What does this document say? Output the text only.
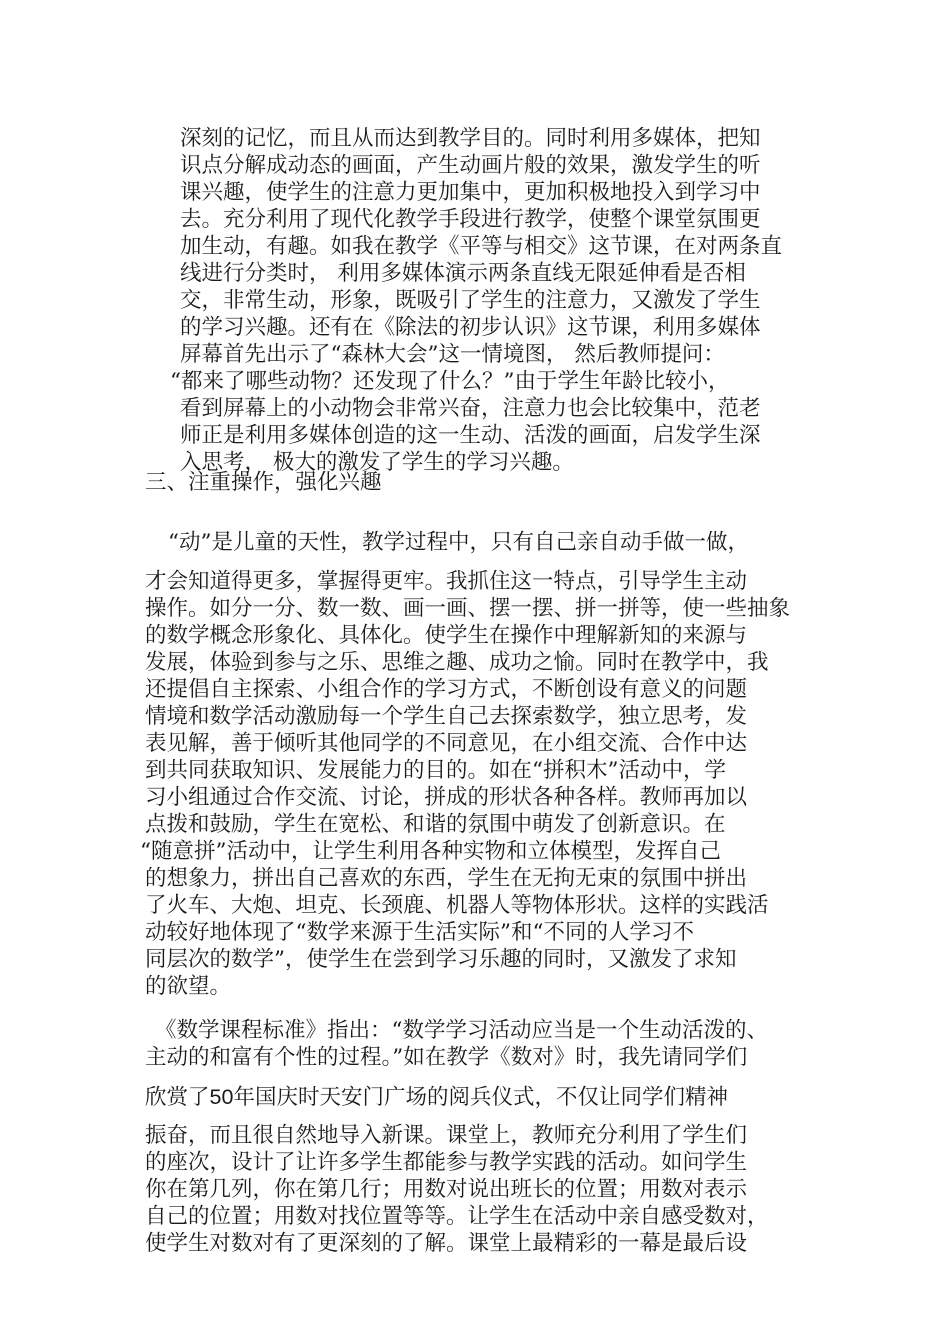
深刻的记忆，而且从而达到教学目的。同时利用多媒体，把知
识点分解成动态的画面，产生动画片般的效果，激发学生的听
课兴趣，使学生的注意力更加集中，更加积极地投入到学习中
去。充分利用了现代化教学手段进行教学，使整个课堂氛围更
加生动，有趣。如我在教学《平等与相交》这节课，在对两条直
线进行分类时， 利用多媒体演示两条直线无限延伸看是否相
交，非常生动，形象，既吸引了学生的注意力，又激发了学生
的学习兴趣。还有在《除法的初步认识》这节课，利用多媒体
屏幕首先出示了“森林大会”这一情境图， 然后教师提问：
“都来了哪些动物？还发现了什么？”由于学生年龄比较小，
看到屏幕上的小动物会非常兴奋，注意力也会比较集中，范老
师正是利用多媒体创造的这一生动、活泼的画面，启发学生深
入思考， 极大的激发了学生的学习兴趣。
三、注重操作，强化兴趣
“动”是儿童的天性，教学过程中，只有自己亲自动手做一做，
才会知道得更多，掌握得更牢。我抓住这一特点，引导学生主动
操作。如分一分、数一数、画一画、摆一摆、拼一拼等，使一些抽象
的数学概念形象化、具体化。使学生在操作中理解新知的来源与
发展，体验到参与之乐、思维之趣、成功之愉。同时在教学中，我
还提倡自主探索、小组合作的学习方式，不断创设有意义的问题
情境和数学活动激励每一个学生自己去探索数学，独立思考，发
表见解，善于倾听其他同学的不同意见，在小组交流、合作中达
到共同获取知识、发展能力的目的。如在“拼积木”活动中，学
习小组通过合作交流、讨论，拼成的形状各种各样。教师再加以
点拨和鼓励，学生在宽松、和谐的氛围中萌发了创新意识。在
“随意拼”活动中，让学生利用各种实物和立体模型，发挥自己
的想象力，拼出自己喜欢的东西，学生在无拘无束的氛围中拼出
了火车、大炮、坦克、长颈鹿、机器人等物体形状。这样的实践活
动较好地体现了“数学来源于生活实际”和“不同的人学习不
同层次的数学”，使学生在尝到学习乐趣的同时，又激发了求知
的欲望。
《数学课程标准》指出：“数学学习活动应当是一个生动活泼的、
主动的和富有个性的过程。”如在教学《数对》时，我先请同学们
欣赏了50年国庆时天安门广场的阅兵仪式，不仅让同学们精神
振奋，而且很自然地导入新课。课堂上，教师充分利用了学生们
的座次，设计了让许多学生都能参与教学实践的活动。如问学生
你在第几列，你在第几行；用数对说出班长的位置；用数对表示
自己的位置；用数对找位置等等。让学生在活动中亲自感受数对，
使学生对数对有了更深刻的了解。课堂上最精彩的一幕是最后设
